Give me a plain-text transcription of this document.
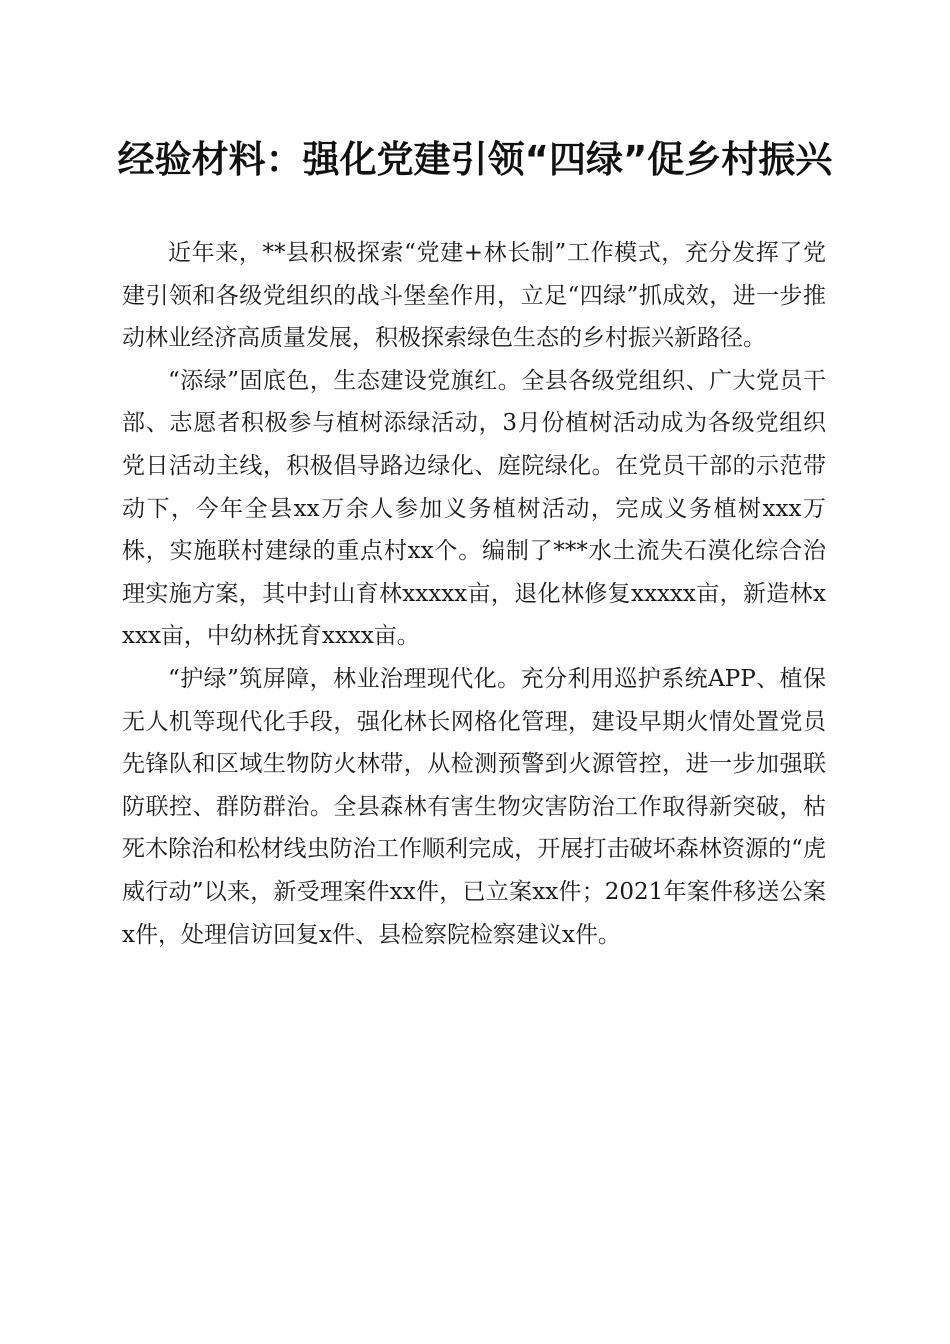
经验材料：强化党建引领“四绿”促乡村振兴

近年来，**县积极探索“党建+林长制”工作模式，充分发挥了党建引领和各级党组织的战斗堡垒作用，立足“四绿”抓成效，进一步推动林业经济高质量发展，积极探索绿色生态的乡村振兴新路径。

“添绿”固底色，生态建设党旗红。全县各级党组织、广大党员干部、志愿者积极参与植树添绿活动，3月份植树活动成为各级党组织党日活动主线，积极倡导路边绿化、庭院绿化。在党员干部的示范带动下，今年全县xx万余人参加义务植树活动，完成义务植树xxx万株，实施联村建绿的重点村xx个。编制了***水土流失石漠化综合治理实施方案，其中封山育林xxxxx亩，退化林修复xxxxx亩，新造林xxxx亩，中幼林抚育xxxx亩。

“护绿”筑屏障，林业治理现代化。充分利用巡护系统APP、植保无人机等现代化手段，强化林长网格化管理，建设早期火情处置党员先锋队和区域生物防火林带，从检测预警到火源管控，进一步加强联防联控、群防群治。全县森林有害生物灾害防治工作取得新突破，枯死木除治和松材线虫防治工作顺利完成，开展打击破坏森林资源的“虎威行动”以来，新受理案件xx件，已立案xx件；2021年案件移送公案x件，处理信访回复x件、县检察院检察建议x件。
